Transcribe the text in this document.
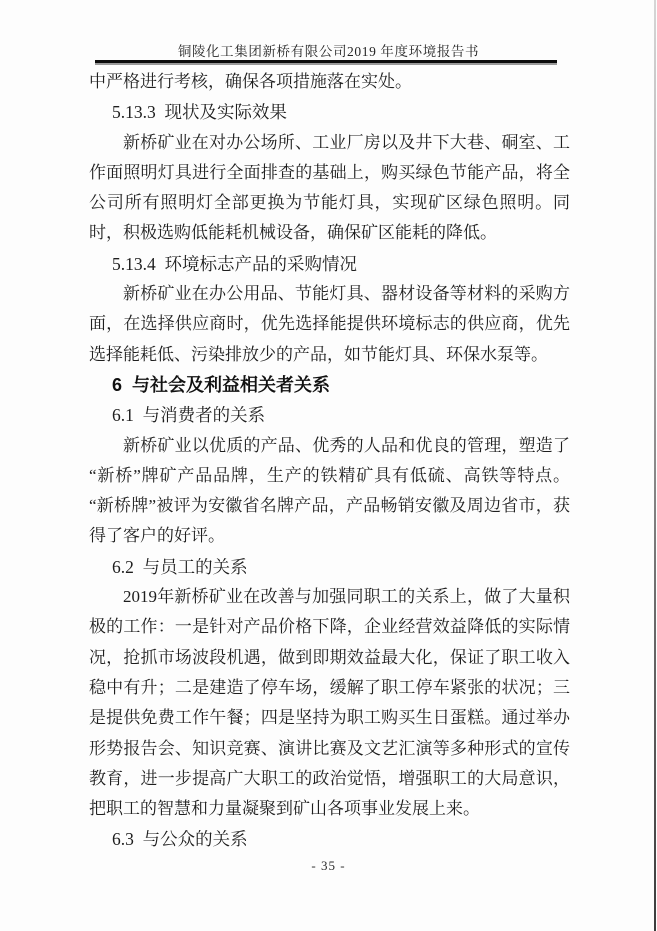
铜陵化工集团新桥有限公司2019 年度环境报告书
中严格进行考核，确保各项措施落在实处。
5.13.3  现状及实际效果
新桥矿业在对办公场所、工业厂房以及井下大巷、硐室、工作面照明灯具进行全面排查的基础上，购买绿色节能产品，将全公司所有照明灯全部更换为节能灯具，实现矿区绿色照明。同时，积极选购低能耗机械设备，确保矿区能耗的降低。
5.13.4  环境标志产品的采购情况
新桥矿业在办公用品、节能灯具、器材设备等材料的采购方面，在选择供应商时，优先选择能提供环境标志的供应商，优先选择能耗低、污染排放少的产品，如节能灯具、环保水泵等。
6  与社会及利益相关者关系
6.1  与消费者的关系
新桥矿业以优质的产品、优秀的人品和优良的管理，塑造了 “新桥”牌矿产品品牌，生产的铁精矿具有低硫、高铁等特点。“新桥牌”被评为安徽省名牌产品，产品畅销安徽及周边省市，获得了客户的好评。
6.2  与员工的关系
2019年新桥矿业在改善与加强同职工的关系上，做了大量积极的工作：一是针对产品价格下降，企业经营效益降低的实际情况，抢抓市场波段机遇，做到即期效益最大化，保证了职工收入稳中有升；二是建造了停车场，缓解了职工停车紧张的状况；三是提供免费工作午餐；四是坚持为职工购买生日蛋糕。通过举办形势报告会、知识竞赛、演讲比赛及文艺汇演等多种形式的宣传教育，进一步提高广大职工的政治觉悟，增强职工的大局意识，把职工的智慧和力量凝聚到矿山各项事业发展上来。
6.3  与公众的关系
- 35 -
